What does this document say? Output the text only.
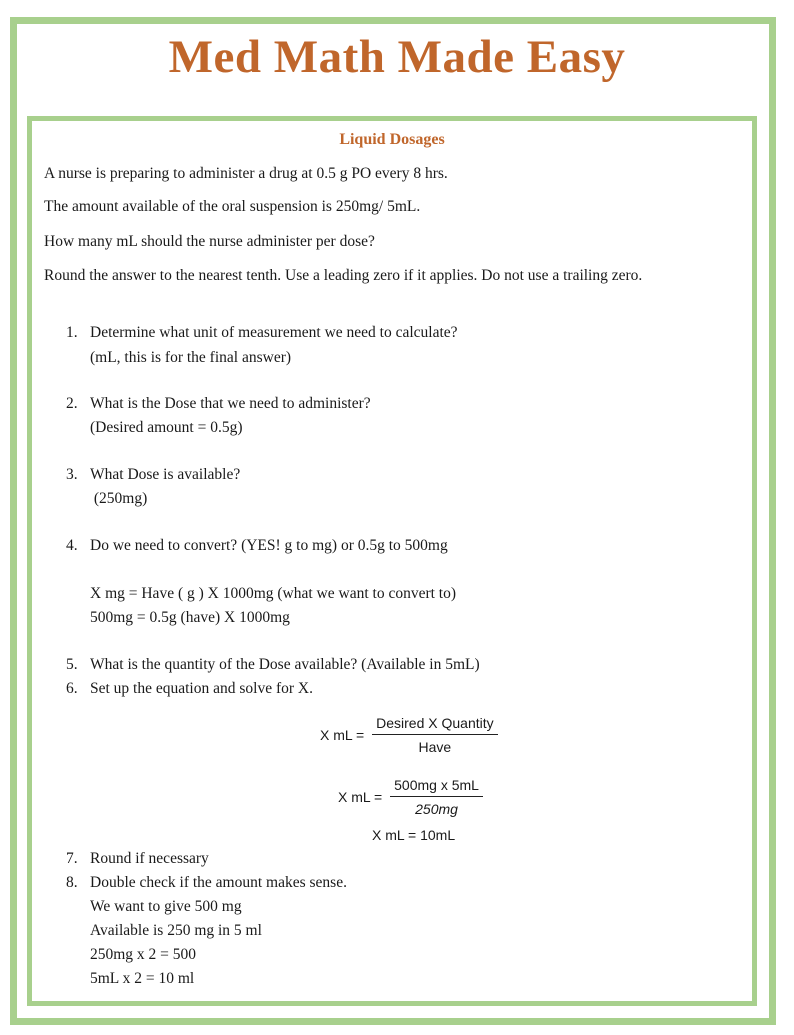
Med Math Made Easy
Liquid Dosages
A nurse is preparing to administer a drug at 0.5 g PO every 8 hrs.
The amount available of the oral suspension is 250mg/ 5mL.
How many mL should the nurse administer per dose?
Round the answer to the nearest tenth. Use a leading zero if it applies. Do not use a trailing zero.
1. Determine what unit of measurement we need to calculate?
(mL, this is for the final answer)
2. What is the Dose that we need to administer?
(Desired amount = 0.5g)
3. What Dose is available?
(250mg)
4. Do we need to convert? (YES! g to mg) or 0.5g to 500mg
X mg = Have ( g ) X 1000mg (what we want to convert to)
500mg = 0.5g (have) X 1000mg
5. What is the quantity of the Dose available? (Available in 5mL)
6. Set up the equation and solve for X.
X mL = $\frac{\text{Desired X Quantity}}{\text{Have}}$
X mL = $\frac{\text{500mg x 5mL}}{250mg}$
X mL = 10mL
7. Round if necessary
8. Double check if the amount makes sense.
We want to give 500 mg
Available is 250 mg in 5 ml
250mg x 2 = 500
5mL x 2 = 10 ml
